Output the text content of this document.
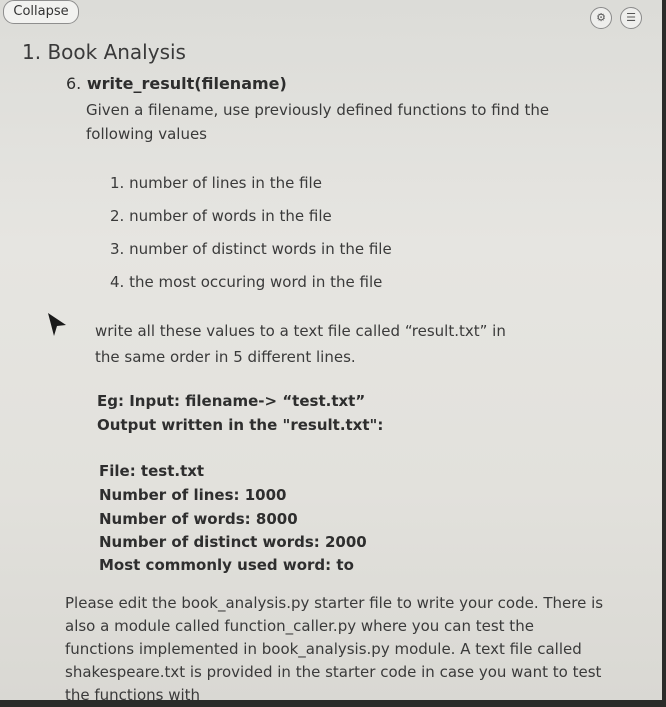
Collapse	⚙	☰
1. Book Analysis
6. write_result(filename)
Given a filename, use previously defined functions to find the following values
1. number of lines in the file
2. number of words in the file
3. number of distinct words in the file
4. the most occuring word in the file
write all these values to a text file called “result.txt” in the same order in 5 different lines.
Eg: Input: filename-> “test.txt”
Output written in the "result.txt":
File: test.txt
Number of lines: 1000
Number of words: 8000
Number of distinct words: 2000
Most commonly used word: to
Please edit the book_analysis.py starter file to write your code. There is also a module called function_caller.py where you can test the functions implemented in book_analysis.py module. A text file called shakespeare.txt is provided in the starter code in case you want to test the functions with
